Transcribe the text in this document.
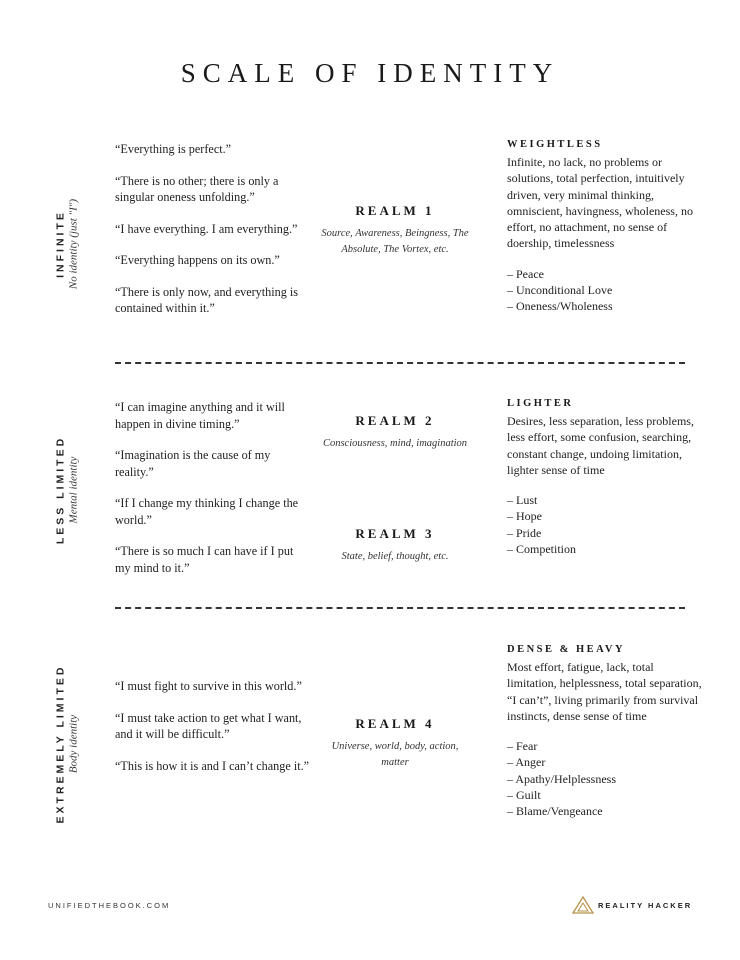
SCALE OF IDENTITY
INFINITE No identity (just "I")

“Everything is perfect.”

“There is no other; there is only a singular oneness unfolding.”

“I have everything. I am everything.”

“Everything happens on its own.”

“There is only now, and everything is contained within it.”

REALM 1
Source, Awareness, Beingness, The Absolute, The Vortex, etc.
WEIGHTLESS
Infinite, no lack, no problems or solutions, total perfection, intuitively driven, very minimal thinking, omniscient, havingness, wholeness, no effort, no attachment, no sense of doership, timelessness
– Peace
– Unconditional Love
– Oneness/Wholeness
LESS LIMITED Mental identity

“I can imagine anything and it will happen in divine timing.”

“Imagination is the cause of my reality.”

“If I change my thinking I change the world.”

“There is so much I can have if I put my mind to it.”

REALM 2
Consciousness, mind, imagination
REALM 3
State, belief, thought, etc.
LIGHTER
Desires, less separation, less problems, less effort, some confusion, searching, constant change, undoing limitation, lighter sense of time
– Lust
– Hope
– Pride
– Competition
EXTREMELY LIMITED Body identity

“I must fight to survive in this world.”

“I must take action to get what I want, and it will be difficult.”

“This is how it is and I can’t change it.”

REALM 4
Universe, world, body, action, matter
DENSE & HEAVY
Most effort, fatigue, lack, total limitation, helplessness, total separation, “I can’t”, living primarily from survival instincts, dense sense of time
– Fear
– Anger
– Apathy/Helplessness
– Guilt
– Blame/Vengeance
UNIFIEDTHEBOOK.COM	REALITY HACKER
